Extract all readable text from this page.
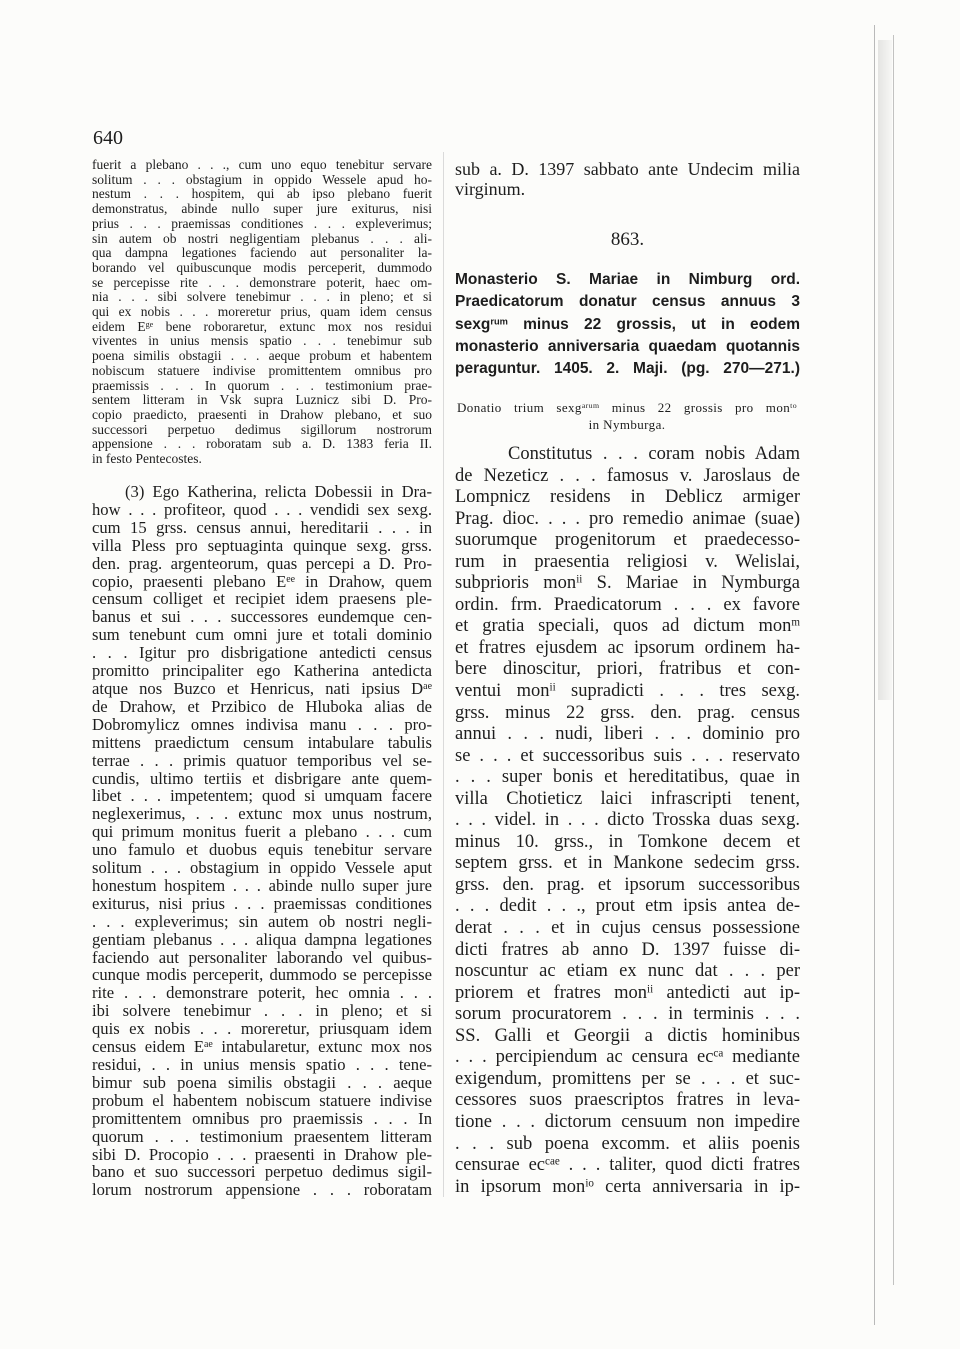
640
fuerit a plebano . . ., cum uno equo tenebitur servare
solitum . . . obstagium in oppido Wessele apud ho-
nestum . . . hospitem, qui ab ipso plebano fuerit
demonstratus, abinde nullo super jure exiturus, nisi
prius . . . praemissas conditiones . . . expleverimus;
sin autem ob nostri negligentiam plebanus . . . ali-
qua dampna legationes faciendo aut personaliter la-
borando vel quibuscunque modis perceperit, dummodo
se percepisse rite . . . demonstrare poterit, haec om-
nia . . . sibi solvere tenebimur . . . in pleno; et si
qui ex nobis . . . moreretur prius, quam idem census
eidem $E^{ge}$ bene roboraretur, extunc mox nos residui
viventes in unius mensis spatio . . . tenebimur sub
poena similis obstagii . . . aeque probum et habentem
nobiscum statuere indivise promittentem omnibus pro
praemissis . . . In quorum . . . testimonium prae-
sentem litteram in Vsk supra Luznicz sibi D. Pro-
copio praedicto, praesenti in Drahow plebano, et suo
successori perpetuo dedimus sigillorum nostrorum
appensione . . . roboratam sub a. D. 1383 feria II.
in festo Pentecostes.
(3) Ego Katherina, relicta Dobessii in Dra-
how . . . profiteor, quod . . . vendidi sex sexg.
cum 15 grss. census annui, hereditarii . . . in
villa Pless pro septuaginta quinque sexg. grss.
den. prag. argenteorum, quas percepi a D. Pro-
copio, praesenti plebano $E^{ee}$ in Drahow, quem
censum colliget et recipiet idem praesens ple-
banus et sui . . . successores eundemque cen-
sum tenebunt cum omni jure et totali dominio
. . . Igitur pro disbrigatione antedicti census
promitto principaliter ego Katherina antedicta
atque nos Buzco et Henricus, nati ipsius $D^{ae}$
de Drahow, et Przibico de Hluboka alias de
Dobromylicz omnes indivisa manu . . . pro-
mittens praedictum censum intabulare tabulis
terrae . . . primis quatuor temporibus vel se-
cundis, ultimo tertiis et disbrigare ante quem-
libet . . . impetentem; quod si umquam facere
neglexerimus, . . . extunc mox unus nostrum,
qui primum monitus fuerit a plebano . . . cum
uno famulo et duobus equis tenebitur servare
solitum . . . obstagium in oppido Vessele aput
honestum hospitem . . . abinde nullo super jure
exiturus, nisi prius . . . praemissas conditiones
. . . expleverimus; sin autem ob nostri negli-
gentiam plebanus . . . aliqua dampna legationes
faciendo aut personaliter laborando vel quibus-
cunque modis perceperit, dummodo se percepisse
rite . . . demonstrare poterit, hec omnia . . .
ibi solvere tenebimur . . . in pleno; et si
quis ex nobis . . . moreretur, priusquam idem
census eidem $E^{ae}$ intabularetur, extunc mox nos
residui, . . in unius mensis spatio . . . tene-
bimur sub poena similis obstagii . . . aeque
probum el habentem nobiscum statuere indivise
promittentem omnibus pro praemissis . . . In
quorum . . . testimonium praesentem litteram
sibi D. Procopio . . . praesenti in Drahow ple-
bano et suo successori perpetuo dedimus sigil-
lorum nostrorum appensione . . . roboratam
sub a. D. 1397 sabbato ante Undecim milia
virginum.
863.
Monasterio S. Mariae in Nimburg ord.
Praedicatorum donatur census annuus 3
sexg$^{rum}$ minus 22 grossis, ut in eodem
monasterio anniversaria quaedam quotannis
peraguntur. 1405. 2. Maji. (pg. 270—271.)
Donatio trium sexg$^{arum}$ minus 22 grossis pro mon$^{to}$
in Nymburga.
Constitutus . . . coram nobis Adam
de Nezeticz . . . famosus v. Jaroslaus de
Lompnicz residens in Deblicz armiger
Prag. dioc. . . . pro remedio animae (suae)
suorumque progenitorum et praedecesso-
rum in praesentia religiosi v. Welislai,
subprioris mon$^{ii}$ S. Mariae in Nymburga
ordin. frm. Praedicatorum . . . ex favore
et gratia speciali, quos ad dictum mon$^m$
et fratres ejusdem ac ipsorum ordinem ha-
bere dinoscitur, priori, fratribus et con-
ventui mon$^{ii}$ supradicti . . . tres sexg.
grss. minus 22 grss. den. prag. census
annui . . . nudi, liberi . . . dominio pro
se . . . et successoribus suis . . . reservato
. . . super bonis et hereditatibus, quae in
villa Chotieticz laici infrascripti tenent,
. . . videl. in . . . dicto Trosska duas sexg.
minus 10. grss., in Tomkone decem et
septem grss. et in Mankone sedecim grss.
grss. den. prag. et ipsorum successoribus
. . . dedit . . ., prout etm ipsis antea de-
derat . . . et in cujus census possessione
dicti fratres ab anno D. 1397 fuisse di-
noscuntur ac etiam ex nunc dat . . . per
priorem et fratres mon$^{ii}$ antedicti aut ip-
sorum procuratorem . . . in terminis . . .
SS. Galli et Georgii a dictis hominibus
. . . percipiendum ac censura $ec^{ca}$ mediante
exigendum, promittens per se . . . et suc-
cessores suos praescriptos fratres in leva-
tione . . . dictorum censuum non impedire
. . . sub poena excomm. et aliis poenis
censurae $ec^{cae}$ . . . taliter, quod dicti fratres
in ipsorum mon$^{io}$ certa anniversaria in ip-
